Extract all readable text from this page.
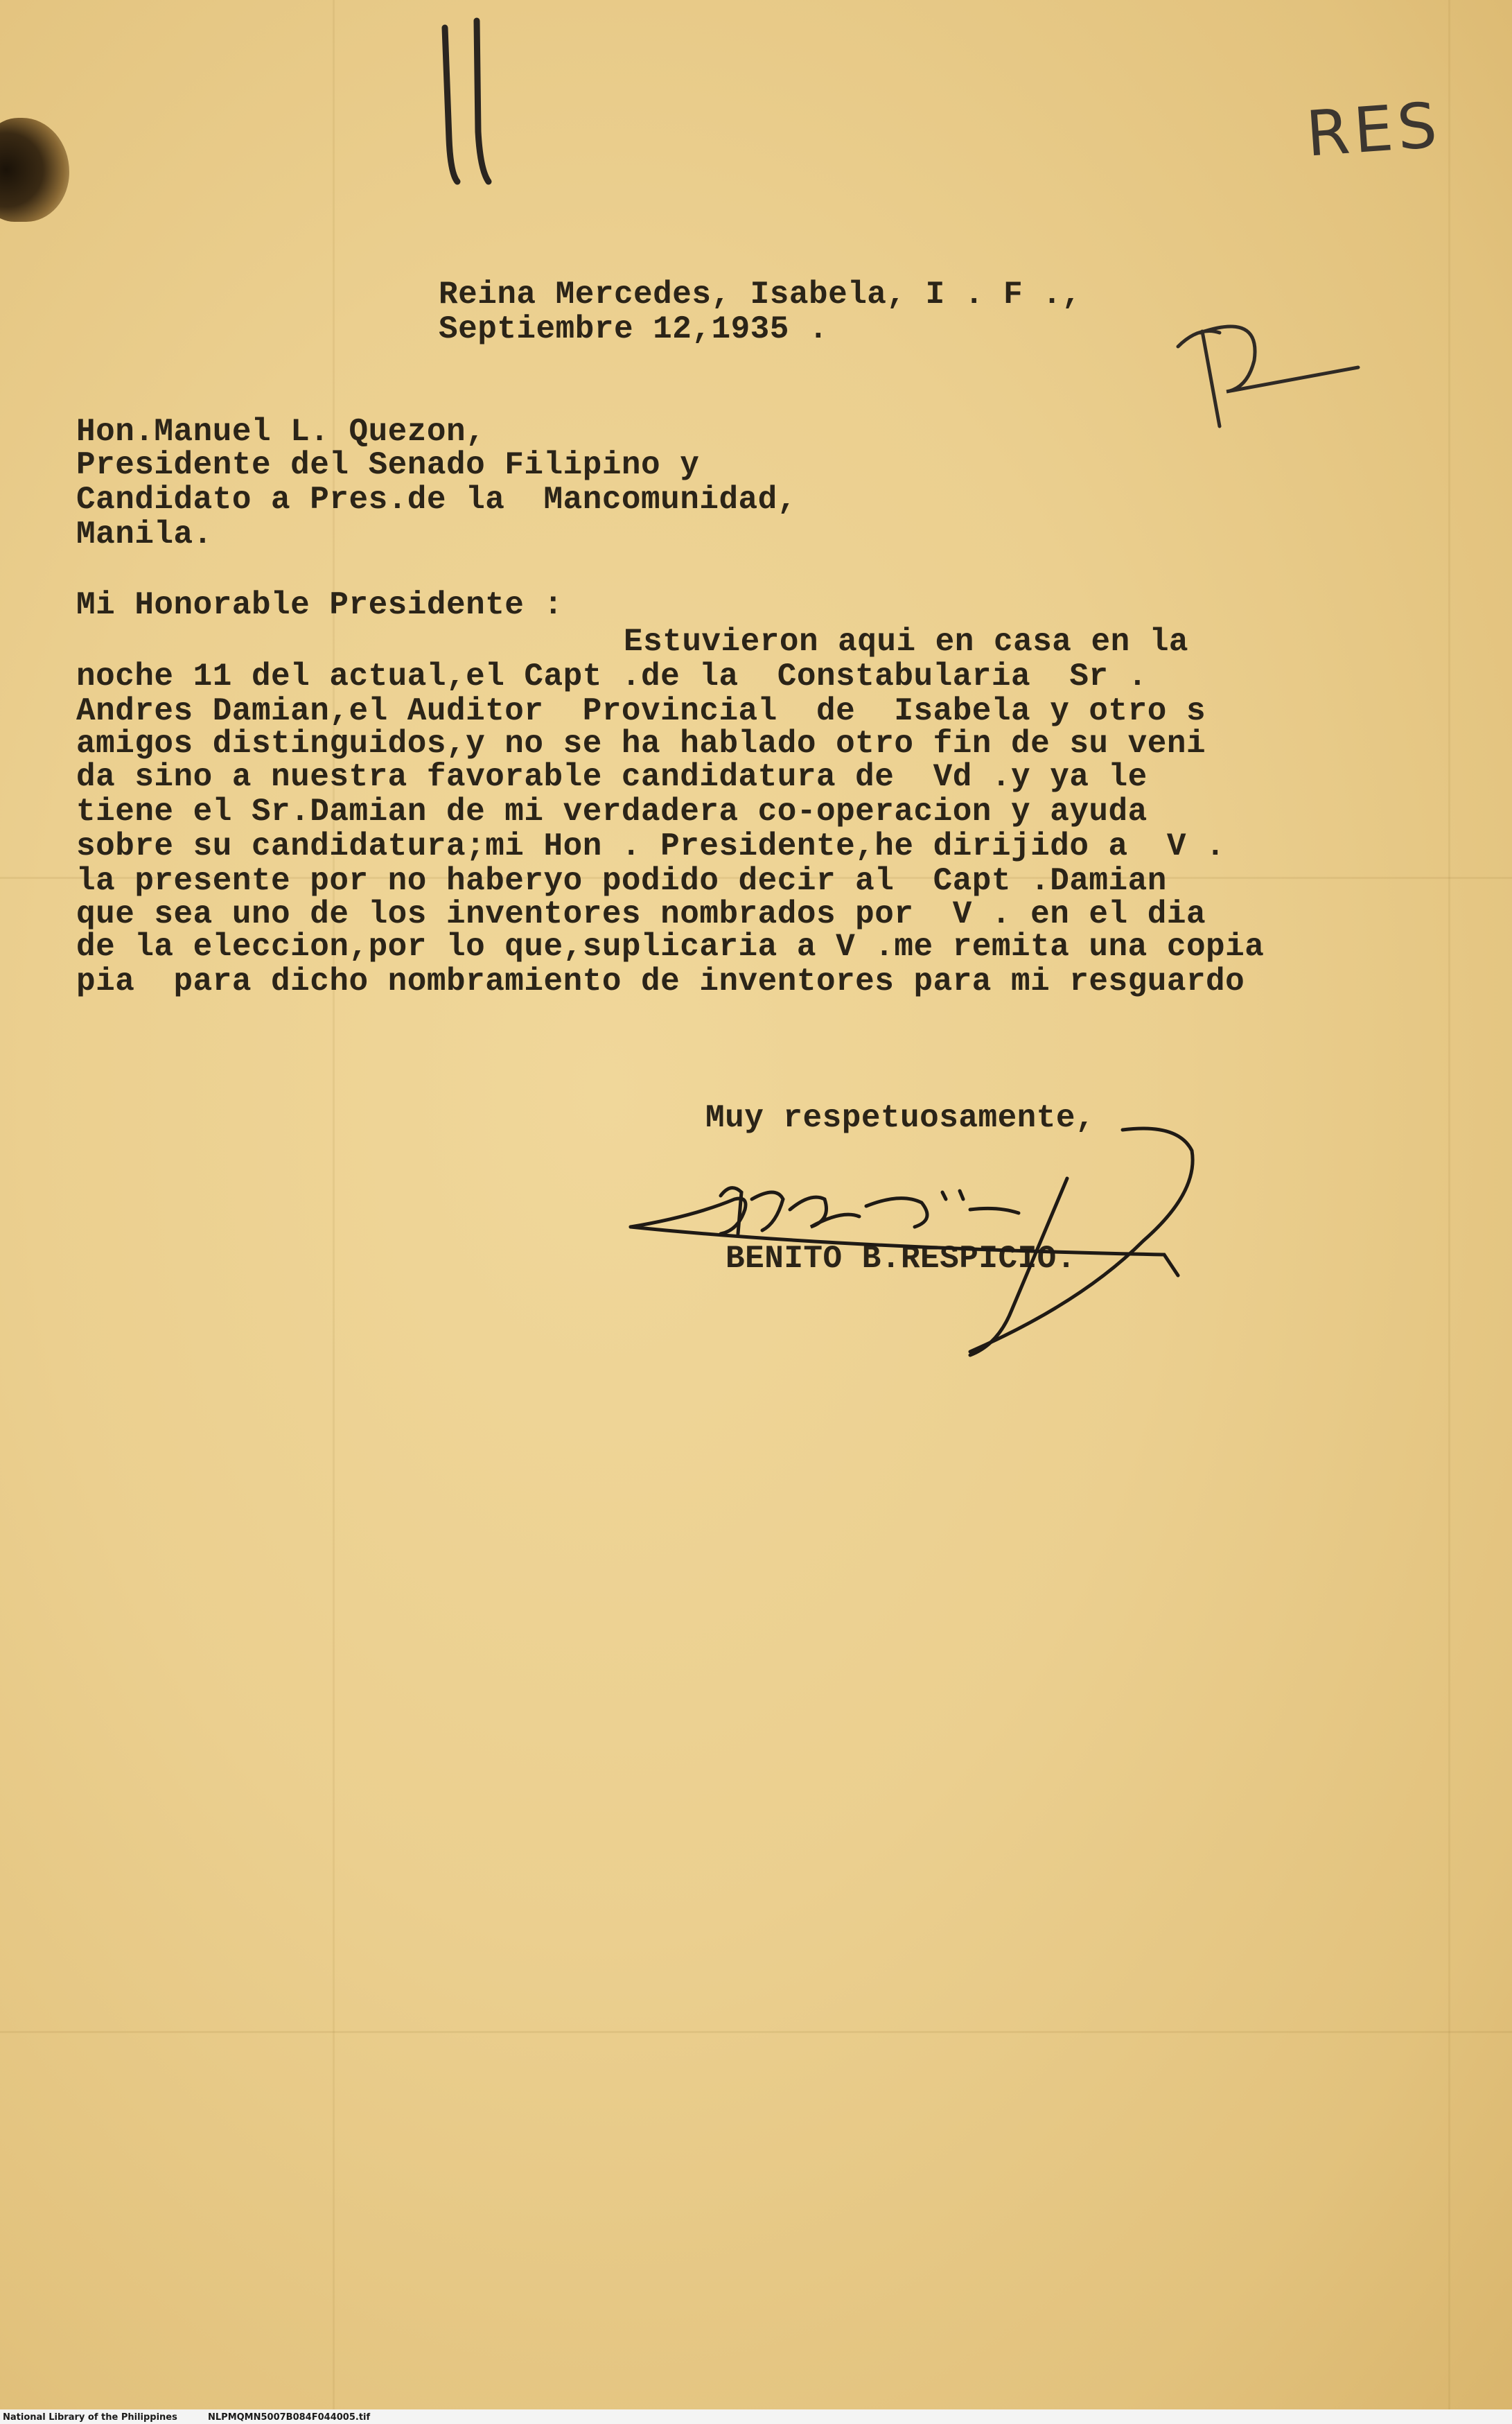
RES

Reina Mercedes, Isabela, I . F .,

Septiembre 12,1935 .

Hon.Manuel L. Quezon,

Presidente del Senado Filipino y

Candidato a Pres.de la  Mancomunidad,

Manila.

Mi Honorable Presidente :

Estuvieron aqui en casa en la

noche 11 del actual,el Capt .de la  Constabularia  Sr .

Andres Damian,el Auditor  Provincial  de  Isabela y otro s

amigos distinguidos,y no se ha hablado otro fin de su veni

da sino a nuestra favorable candidatura de  Vd .y ya le

tiene el Sr.Damian de mi verdadera co-operacion y ayuda

sobre su candidatura;mi Hon . Presidente,he dirijido a  V .

la presente por no haberyo podido decir al  Capt .Damian

que sea uno de los inventores nombrados por  V . en el dia

de la eleccion,por lo que,suplicaria a V .me remita una copia

pia  para dicho nombramiento de inventores para mi resguardo

Muy respetuosamente,

BENITO B.RESPICIO.

National Library of the Philippines	NLPMQMN5007B084F044005.tif
